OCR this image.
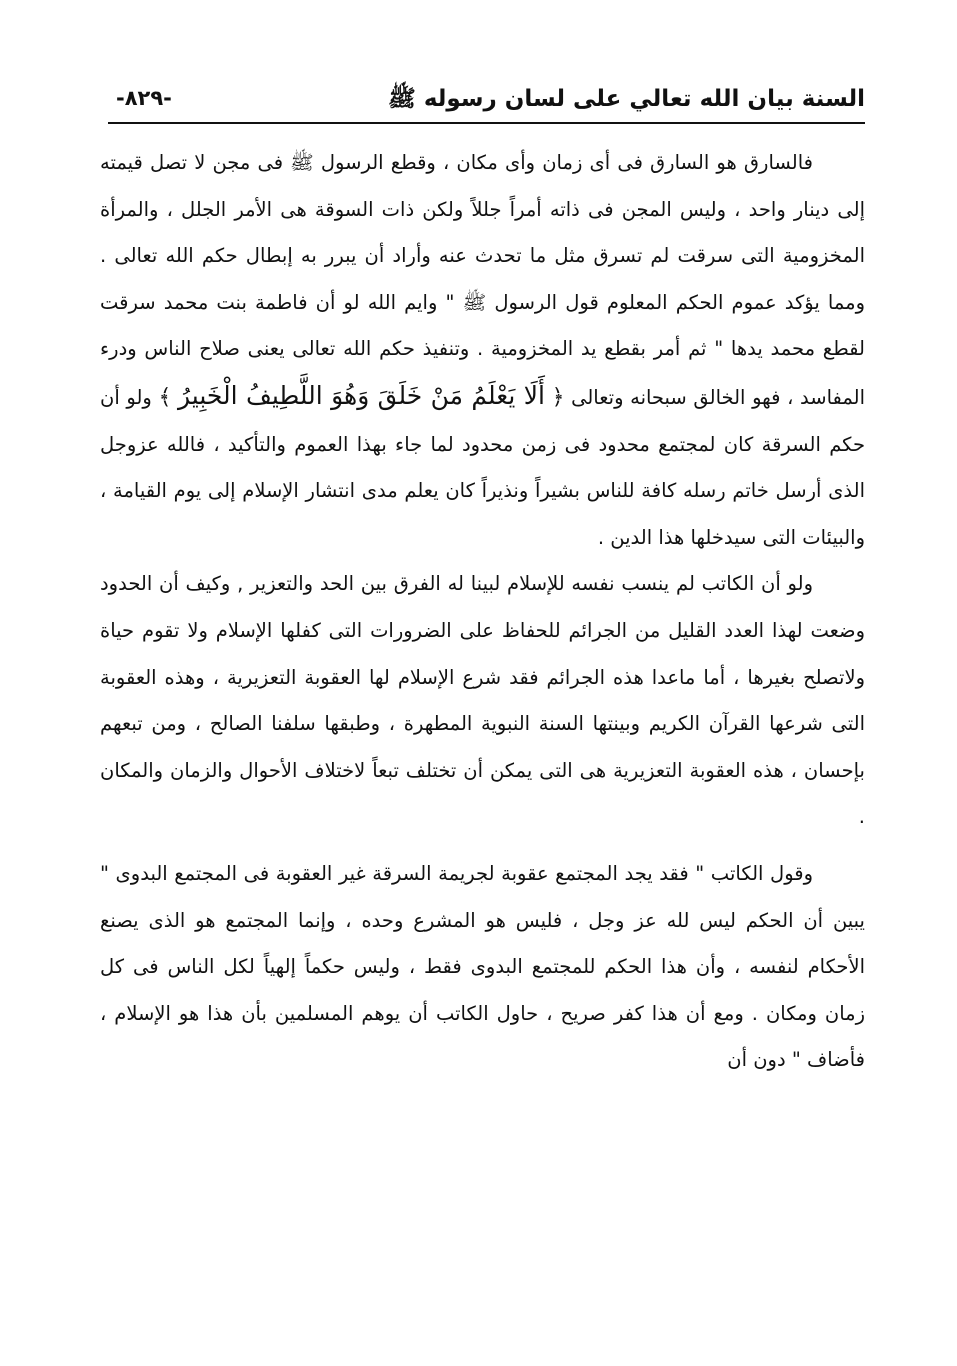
السنة بيان الله تعالي على لسان رسوله ﷺ
-٨٢٩-

فالسارق هو السارق فى أى زمان وأى مكان ، وقطع الرسول ﷺ فى مجن لا تصل قيمته إلى دينار واحد ، وليس المجن فى ذاته أمراً جللاً ولكن ذات السوقة هى الأمر الجلل ، والمرأة المخزومية التى سرقت لم تسرق مثل ما تحدث عنه وأراد أن يبرر به إبطال حكم الله تعالى . ومما يؤكد عموم الحكم المعلوم قول الرسول ﷺ " وايم الله لو أن فاطمة بنت محمد سرقت لقطع محمد يدها " ثم أمر بقطع يد المخزومية . وتنفيذ حكم الله تعالى يعنى صلاح الناس ودرء المفاسد ، فهو الخالق سبحانه وتعالى ﴿ أَلَا يَعْلَمُ مَنْ خَلَقَ وَهُوَ اللَّطِيفُ الْخَبِيرُ ﴾ ولو أن حكم السرقة كان لمجتمع محدود فى زمن محدود لما جاء بهذا العموم والتأكيد ، فالله عزوجل الذى أرسل خاتم رسله كافة للناس بشيراً ونذيراً كان يعلم مدى انتشار الإسلام إلى يوم القيامة ، والبيئات التى سيدخلها هذا الدين .

ولو أن الكاتب لم ينسب نفسه للإسلام لبينا له الفرق بين الحد والتعزير , وكيف أن الحدود وضعت لهذا العدد القليل من الجرائم للحفاظ على الضرورات التى كفلها الإسلام ولا تقوم حياة ولاتصلح بغيرها ، أما ماعدا هذه الجرائم فقد شرع الإسلام لها العقوبة التعزيرية ، وهذه العقوبة التى شرعها القرآن الكريم وبينتها السنة النبوية المطهرة ، وطبقها سلفنا الصالح ، ومن تبعهم بإحسان ، هذه العقوبة التعزيرية هى التى يمكن أن تختلف تبعاً لاختلاف الأحوال والزمان والمكان .

وقول الكاتب " فقد يجد المجتمع عقوبة لجريمة السرقة غير العقوبة فى المجتمع البدوى " يبين أن الحكم ليس لله عز وجل ، فليس هو المشرع وحده ، وإنما المجتمع هو الذى يصنع الأحكام لنفسه ، وأن هذا الحكم للمجتمع البدوى فقط ، وليس حكماً إلهياً لكل الناس فى كل زمان ومكان . ومع أن هذا كفر صريح ، حاول الكاتب أن يوهم المسلمين بأن هذا هو الإسلام ، فأضاف " دون أن
